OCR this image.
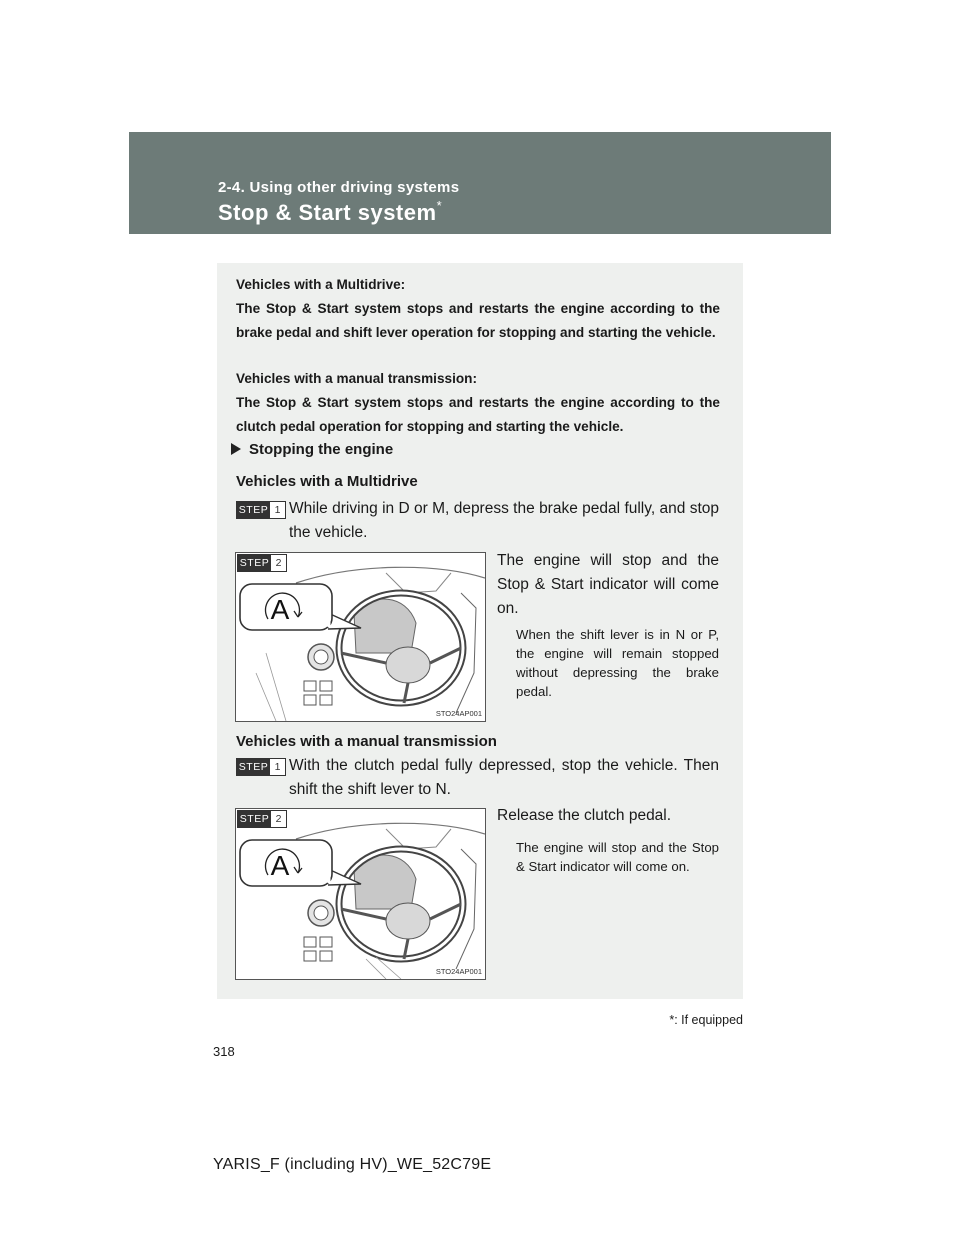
2-4. Using other driving systems
Stop & Start system*
Vehicles with a Multidrive:
The Stop & Start system stops and restarts the engine according to the brake pedal and shift lever operation for stopping and starting the vehicle.
Vehicles with a manual transmission:
The Stop & Start system stops and restarts the engine according to the clutch pedal operation for stopping and starting the vehicle.
Stopping the engine
Vehicles with a Multidrive
STEP 1 While driving in D or M, depress the brake pedal fully, and stop the vehicle.
A
STO24AP001
STEP 2	The engine will stop and the Stop & Start indicator will come on.
When the shift lever is in N or P, the engine will remain stopped without depressing the brake pedal.
Vehicles with a manual transmission
STEP 1 With the clutch pedal fully depressed, stop the vehicle. Then shift the shift lever to N.
A
STO24AP001
STEP 2	Release the clutch pedal.
The engine will stop and the Stop & Start indicator will come on.
*: If equipped
318
YARIS_F (including HV)_WE_52C79E
